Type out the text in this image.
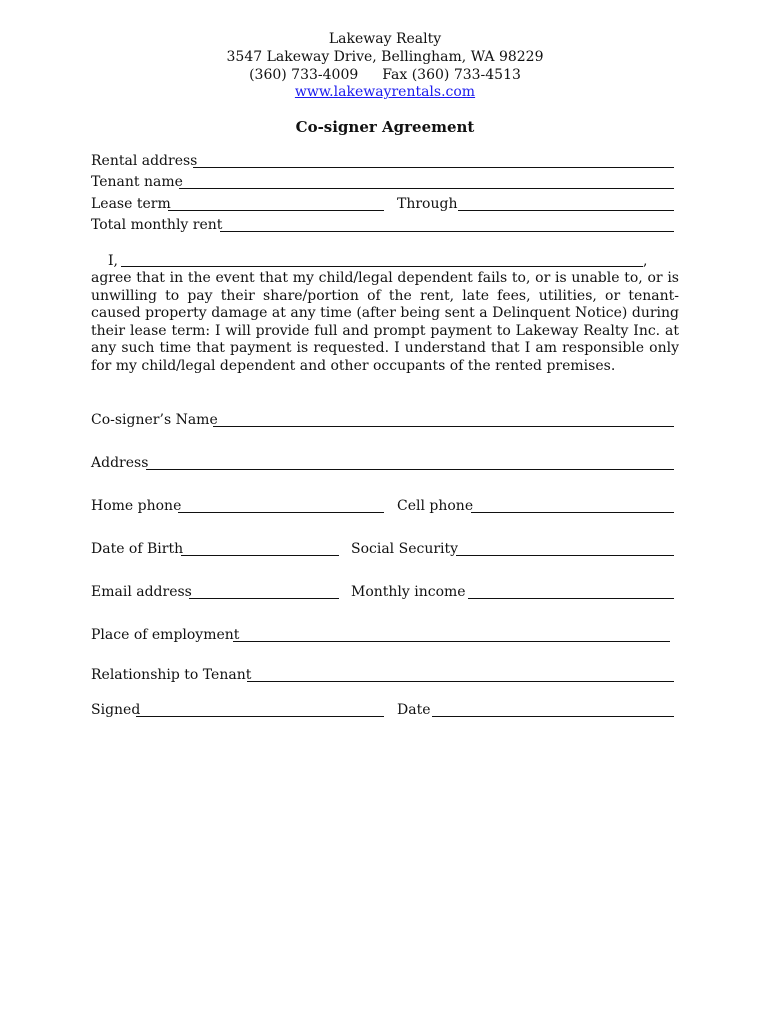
Lakeway Realty
3547 Lakeway Drive, Bellingham, WA 98229
(360) 733-4009 Fax (360) 733-4513
www.lakewayrentals.com
Co-signer Agreement
Rental address
Tenant name
Lease term	Through
Total monthly rent
I,	,
agree that in the event that my child/legal dependent fails to, or is unable to, or is unwilling to pay their share/portion of the rent, late fees, utilities, or tenant-caused property damage at any time (after being sent a Delinquent Notice) during their lease term: I will provide full and prompt payment to Lakeway Realty Inc. at any such time that payment is requested. I understand that I am responsible only for my child/legal dependent and other occupants of the rented premises.
Co-signer’s Name
Address
Home phone	Cell phone
Date of Birth	Social Security
Email address	Monthly income
Place of employment
Relationship to Tenant
Signed	Date
